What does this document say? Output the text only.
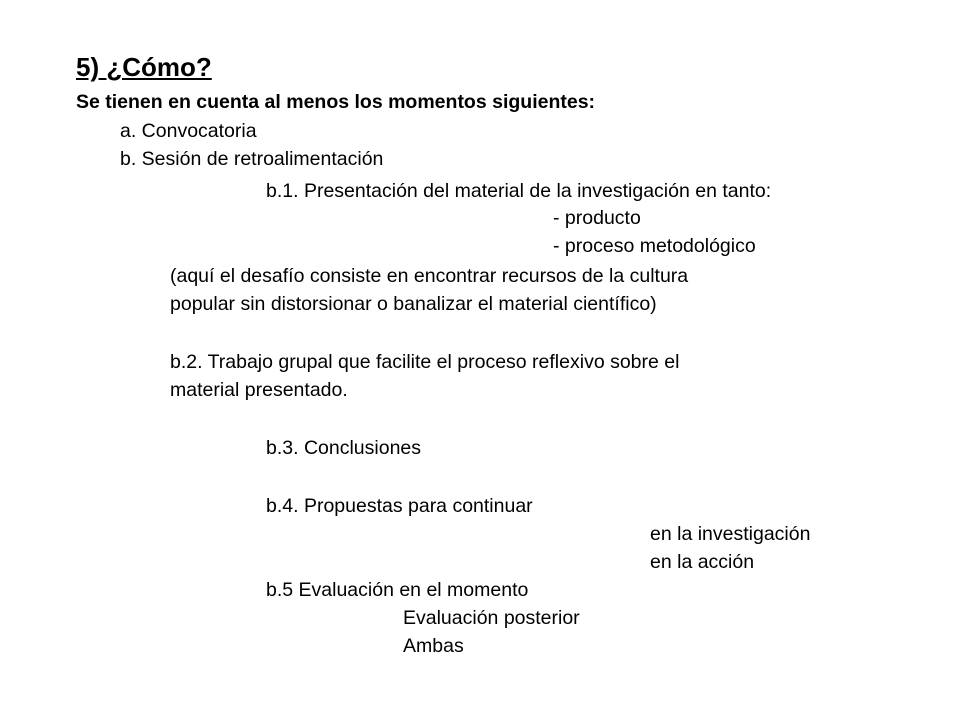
5) ¿Cómo?
Se tienen en cuenta al menos los momentos siguientes:
a. Convocatoria
b. Sesión de retroalimentación
b.1. Presentación del material de la investigación en tanto:
- producto
- proceso metodológico
(aquí el desafío consiste en encontrar recursos de la cultura
popular sin distorsionar o banalizar el material científico)
b.2. Trabajo grupal que facilite el proceso reflexivo sobre el
material presentado.
b.3. Conclusiones
b.4. Propuestas para continuar
en la investigación
en la acción
b.5 Evaluación en el momento
Evaluación posterior
Ambas
